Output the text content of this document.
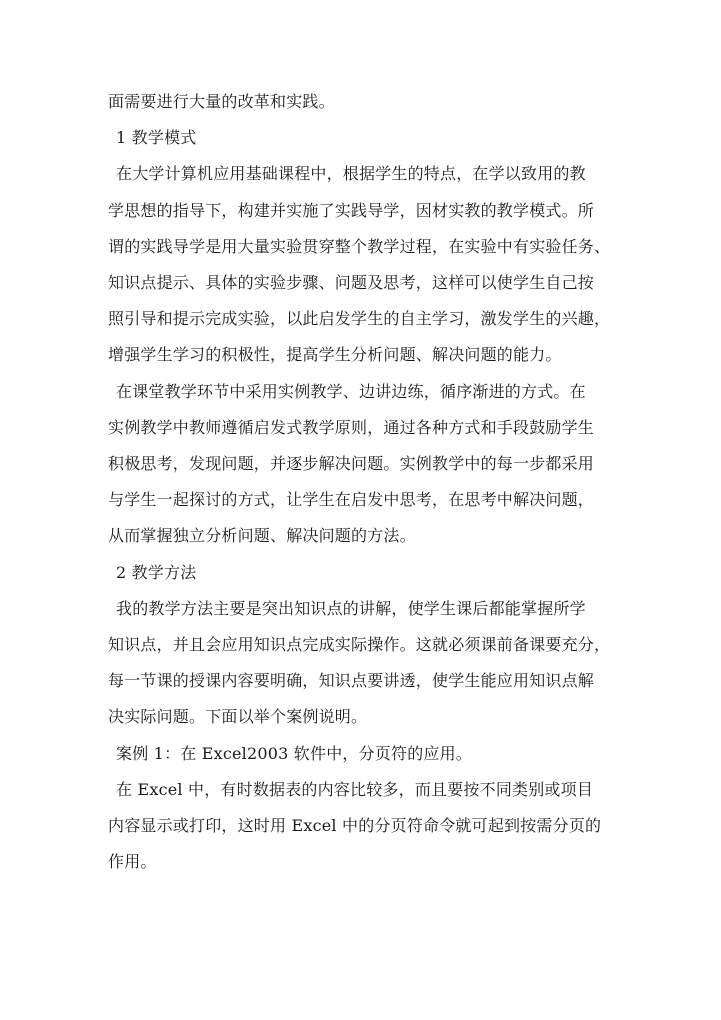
面需要进行大量的改革和实践。
1 教学模式
在大学计算机应用基础课程中，根据学生的特点，在学以致用的教
学思想的指导下，构建并实施了实践导学，因材实教的教学模式。所
谓的实践导学是用大量实验贯穿整个教学过程，在实验中有实验任务、
知识点提示、具体的实验步骤、问题及思考，这样可以使学生自己按
照引导和提示完成实验，以此启发学生的自主学习，激发学生的兴趣，
增强学生学习的积极性，提高学生分析问题、解决问题的能力。
在课堂教学环节中采用实例教学、边讲边练，循序渐进的方式。在
实例教学中教师遵循启发式教学原则，通过各种方式和手段鼓励学生
积极思考，发现问题，并逐步解决问题。实例教学中的每一步都采用
与学生一起探讨的方式，让学生在启发中思考，在思考中解决问题，
从而掌握独立分析问题、解决问题的方法。
2 教学方法
我的教学方法主要是突出知识点的讲解，使学生课后都能掌握所学
知识点，并且会应用知识点完成实际操作。这就必须课前备课要充分，
每一节课的授课内容要明确，知识点要讲透，使学生能应用知识点解
决实际问题。下面以举个案例说明。
案例 1：在 Excel2003 软件中，分页符的应用。
在 Excel 中，有时数据表的内容比较多，而且要按不同类别或项目
内容显示或打印，这时用 Excel 中的分页符命令就可起到按需分页的
作用。
